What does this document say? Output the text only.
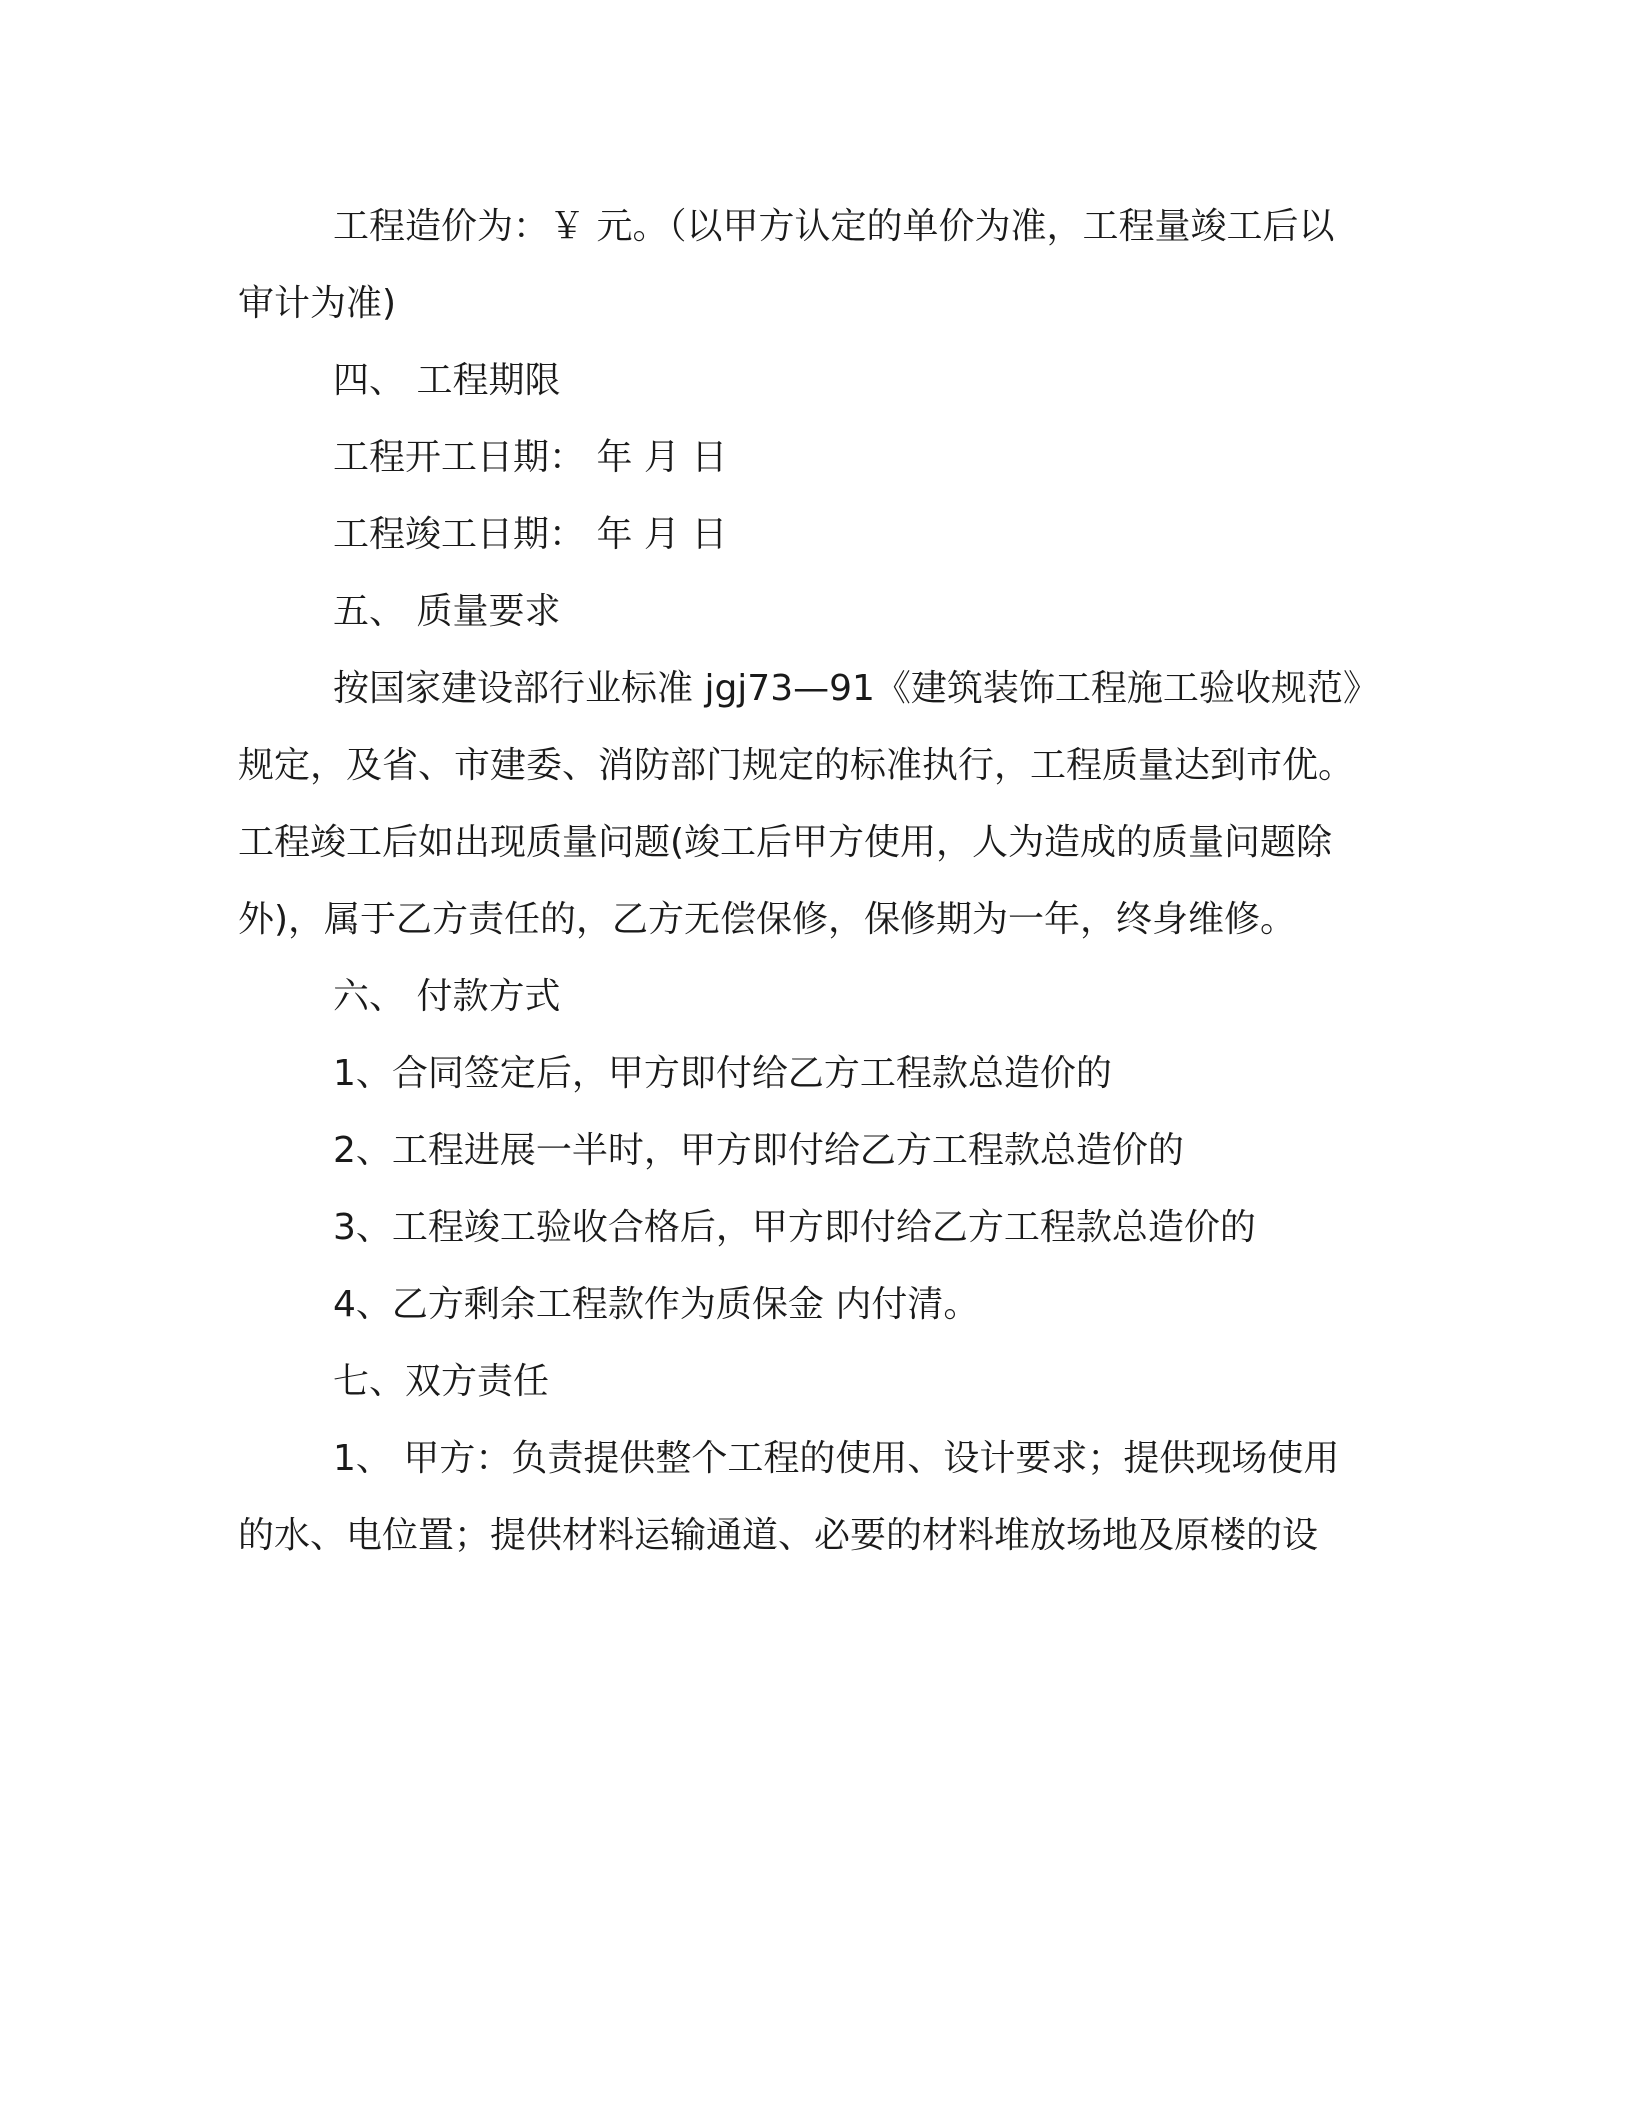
工程造价为：￥ 元。（以甲方认定的单价为准，工程量竣工后以
审计为准)
四、 工程期限
工程开工日期： 年 月 日
工程竣工日期： 年 月 日
五、 质量要求
按国家建设部行业标准 jgj73—91《建筑装饰工程施工验收规范》
规定，及省、市建委、消防部门规定的标准执行，工程质量达到市优。
工程竣工后如出现质量问题(竣工后甲方使用，人为造成的质量问题除
外)，属于乙方责任的，乙方无偿保修，保修期为一年，终身维修。
六、 付款方式
1、合同签定后，甲方即付给乙方工程款总造价的
2、工程进展一半时，甲方即付给乙方工程款总造价的
3、工程竣工验收合格后，甲方即付给乙方工程款总造价的
4、乙方剩余工程款作为质保金 内付清。
七、双方责任
1、 甲方：负责提供整个工程的使用、设计要求；提供现场使用
的水、电位置；提供材料运输通道、必要的材料堆放场地及原楼的设
